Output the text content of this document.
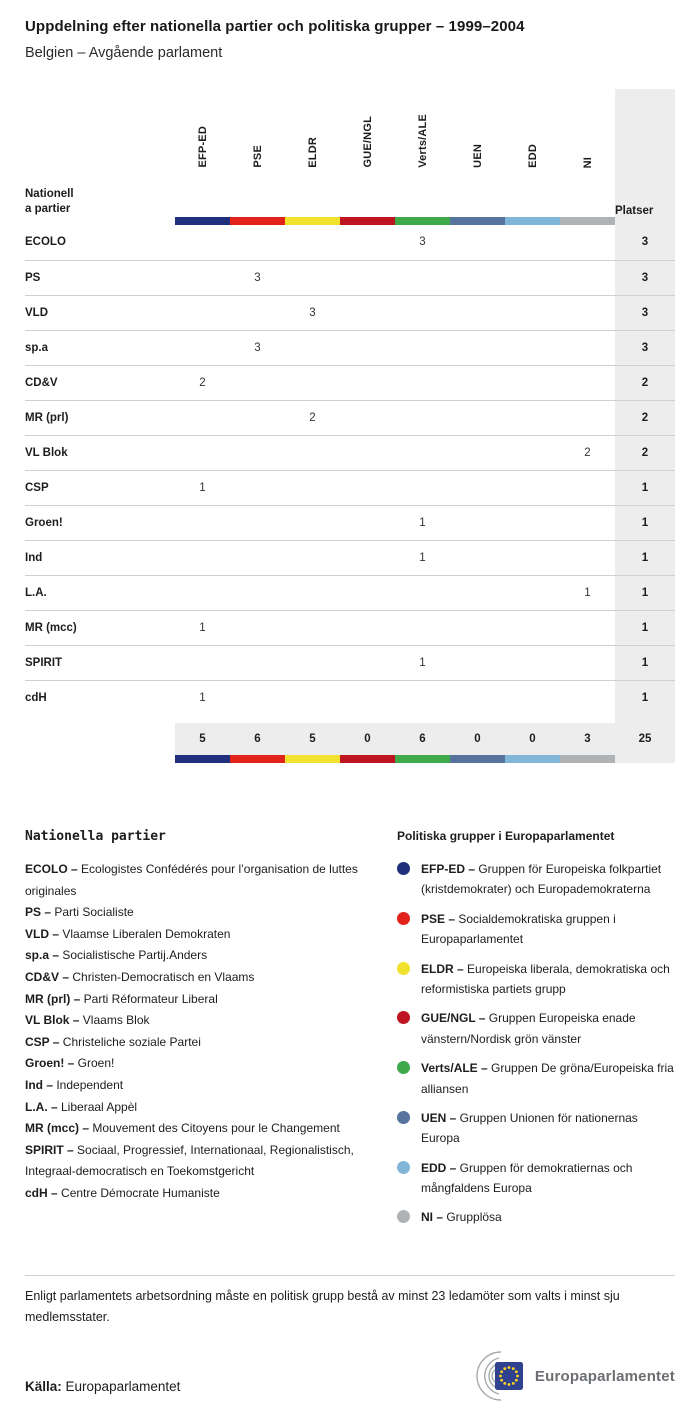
Uppdelning efter nationella partier och politiska grupper – 1999–2004
Belgien – Avgående parlament
Nationell
a partier	EFP-ED	PSE	ELDR	GUE/NGL	Verts/ALE	UEN	EDD	NI	Platser

ECOLO					3				3
PS		3							3
VLD			3						3
sp.a		3							3
CD&V	2								2
MR (prl)			2						2
VL Blok								2	2
CSP	1								1
Groen!					1				1
Ind					1				1
L.A.								1	1
MR (mcc)	1								1
SPIRIT					1				1
cdH	1								1

	5	6	5	0	6	0	0	3	25

Nationella partier
ECOLO – Ecologistes Confédérés pour l’organisation de luttes originales
PS – Parti Socialiste
VLD – Vlaamse Liberalen Demokraten
sp.a – Socialistische Partij.Anders
CD&V – Christen-Democratisch en Vlaams
MR (prl) – Parti Réformateur Liberal
VL Blok – Vlaams Blok
CSP – Christeliche soziale Partei
Groen! – Groen!
Ind – Independent
L.A. – Liberaal Appèl
MR (mcc) – Mouvement des Citoyens pour le Changement
SPIRIT – Sociaal, Progressief, Internationaal, Regionalistisch, Integraal-democratisch en Toekomstgericht
cdH – Centre Démocrate Humaniste
Politiska grupper i Europaparlamentet
EFP-ED – Gruppen för Europeiska folkpartiet (kristdemokrater) och Europademokraterna
PSE – Socialdemokratiska gruppen i Europaparlamentet
ELDR – Europeiska liberala, demokratiska och reformistiska partiets grupp
GUE/NGL – Gruppen Europeiska enade vänstern/Nordisk grön vänster
Verts/ALE – Gruppen De gröna/Europeiska fria alliansen
UEN – Gruppen Unionen för nationernas Europa
EDD – Gruppen för demokratiernas och mångfaldens Europa
NI – Grupplösa
Enligt parlamentets arbetsordning måste en politisk grupp bestå av minst 23 ledamöter som valts i minst sju medlemsstater.
Källa: Europaparlamentet
Europaparlamentet
